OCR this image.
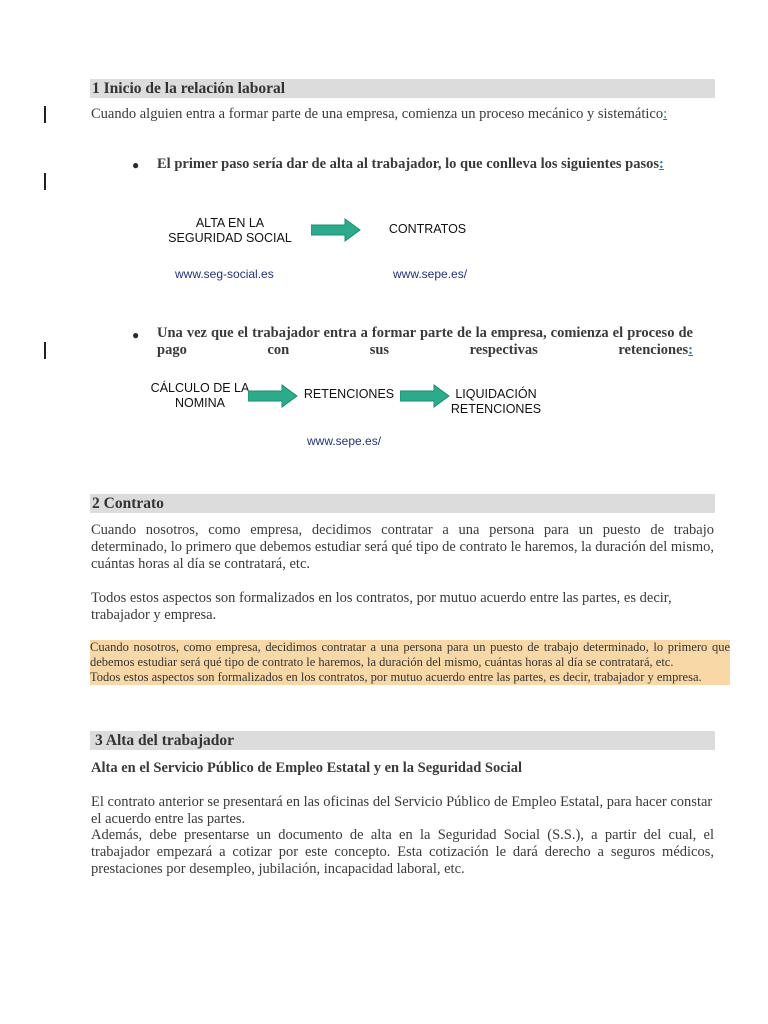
1 Inicio de la relación laboral
Cuando alguien entra a formar parte de una empresa, comienza un proceso mecánico y sistemático:
● El primer paso sería dar de alta al trabajador, lo que conlleva los siguientes pasos:
ALTA EN LA SEGURIDAD SOCIAL
CONTRATOS
www.seg-social.es	www.sepe.es/
● Una vez que el trabajador entra a formar parte de la empresa, comienza el proceso de pago con sus respectivas retenciones:
CÁLCULO DE LA NOMINA
RETENCIONES	LIQUIDACIÓN RETENCIONES
www.sepe.es/
2 Contrato
Cuando nosotros, como empresa, decidimos contratar a una persona para un puesto de trabajo determinado, lo primero que debemos estudiar será qué tipo de contrato le haremos, la duración del mismo, cuántas horas al día se contratará, etc.
Todos estos aspectos son formalizados en los contratos, por mutuo acuerdo entre las partes, es decir, trabajador y empresa.

Cuando nosotros, como empresa, decidimos contratar a una persona para un puesto de trabajo determinado, lo primero que debemos estudiar será qué tipo de contrato le haremos, la duración del mismo, cuántas horas al día se contratará, etc.

Todos estos aspectos son formalizados en los contratos, por mutuo acuerdo entre las partes, es decir, trabajador y empresa.

3 Alta del trabajador
Alta en el Servicio Público de Empleo Estatal y en la Seguridad Social
El contrato anterior se presentará en las oficinas del Servicio Público de Empleo Estatal, para hacer constar el acuerdo entre las partes.
Además, debe presentarse un documento de alta en la Seguridad Social (S.S.), a partir del cual, el trabajador empezará a cotizar por este concepto. Esta cotización le dará derecho a seguros médicos, prestaciones por desempleo, jubilación, incapacidad laboral, etc.
